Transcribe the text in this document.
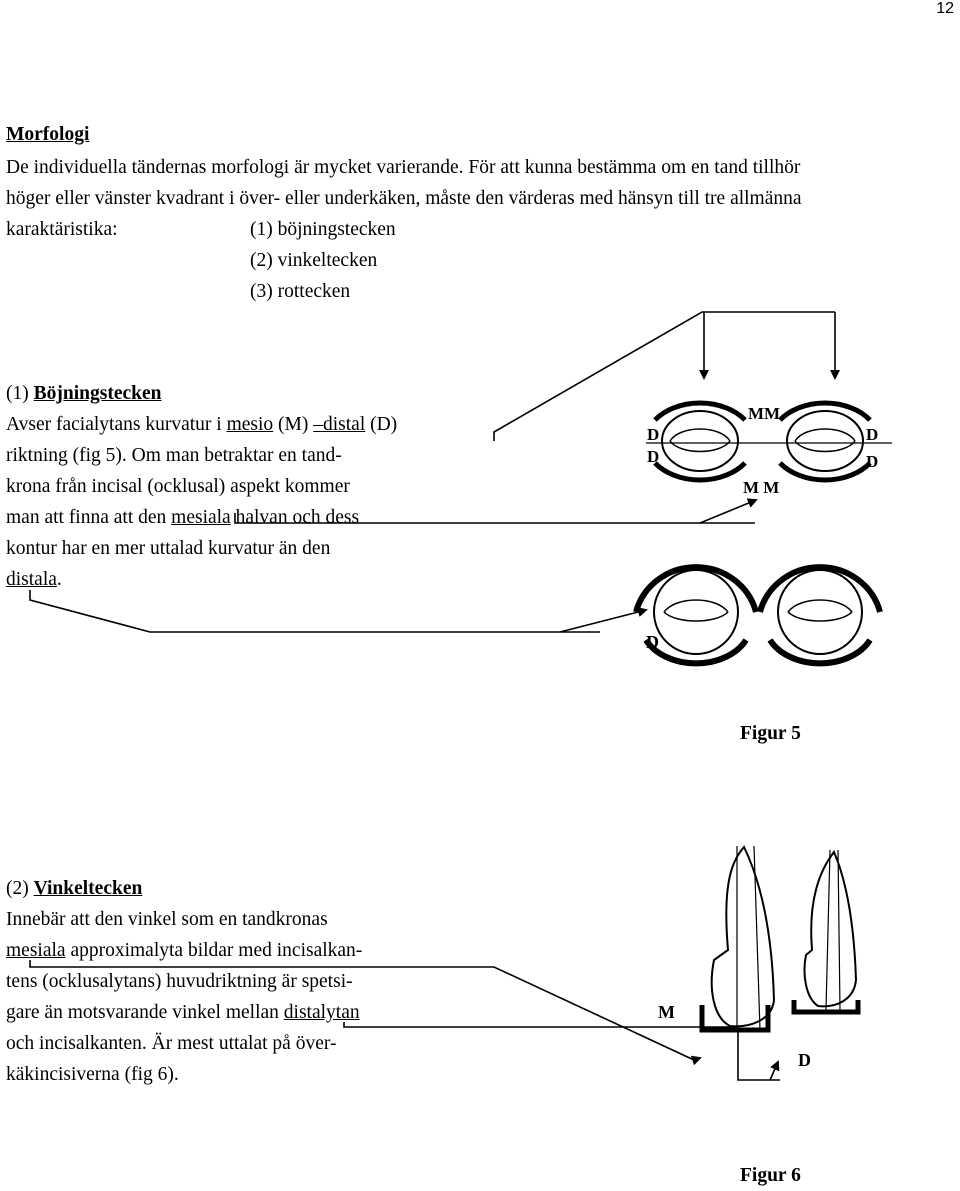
12
Morfologi
De individuella tändernas morfologi är mycket varierande. För att kunna bestämma om en tand tillhör
höger eller vänster kvadrant i över- eller underkäken, måste den värderas med hänsyn till tre allmänna
karaktäristika:	(1) böjningstecken
(2) vinkeltecken
(3) rottecken
(1) Böjningstecken
Avser facialytans kurvatur i mesio (M) –distal (D)
riktning (fig 5). Om man betraktar en tand-
krona från incisal (ocklusal) aspekt kommer
man att finna att den mesiala halvan och dess
kontur har en mer uttalad kurvatur än den
distala.
(2) Vinkeltecken
Innebär att den vinkel som en tandkronas
mesiala approximalyta bildar med incisalkan-
tens (ocklusalytans) huvudriktning är spetsi-
gare än motsvarande vinkel mellan distalytan
och incisalkanten. Är mest uttalat på över-
käkincisiverna (fig 6).
Figur 5
Figur 6
D
D
MM
D
D
M M
D
M
D
